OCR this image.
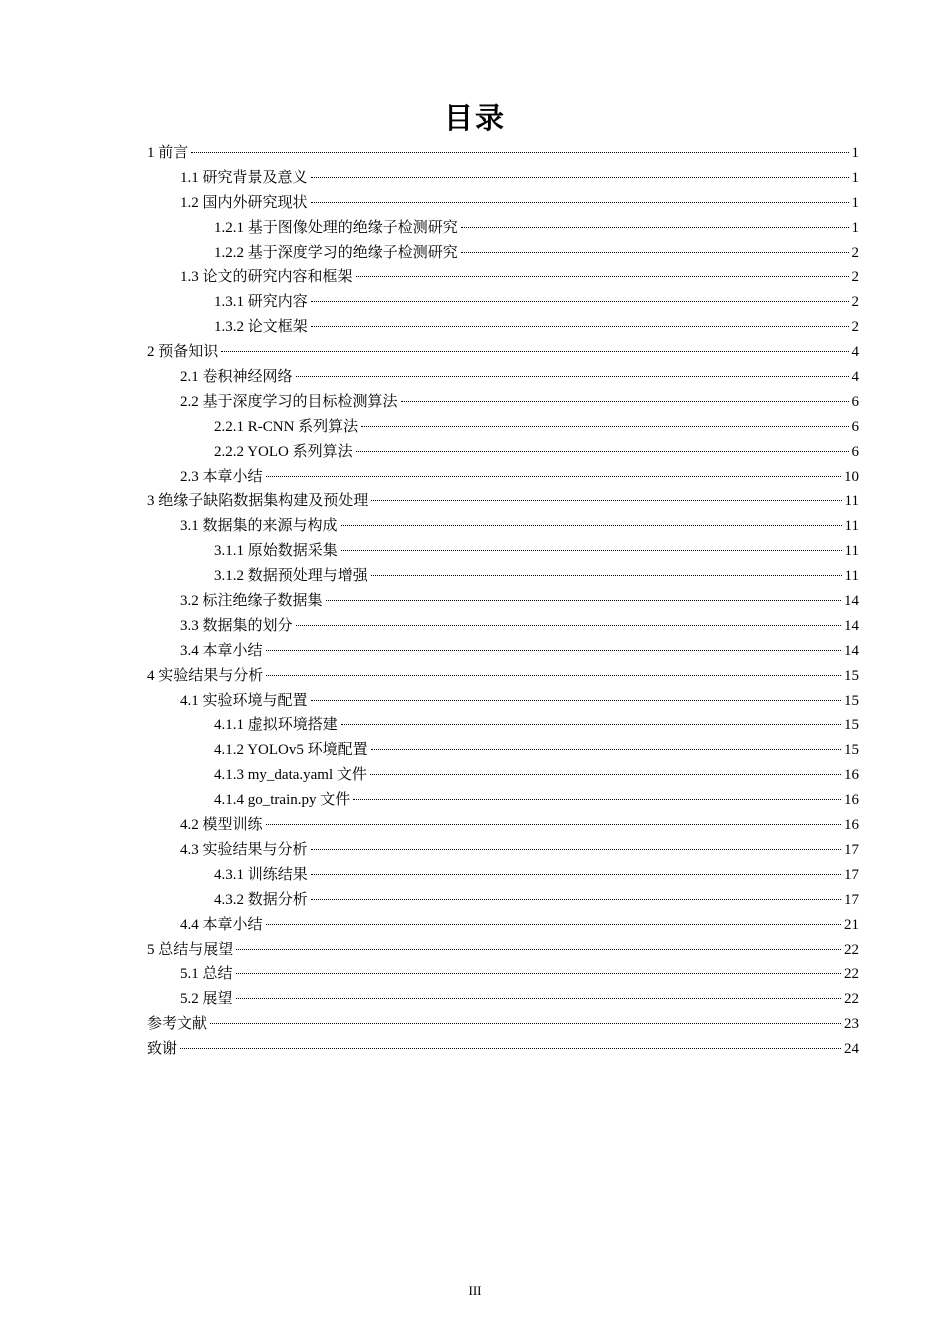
目录
1 前言	1
1.1 研究背景及意义	1
1.2 国内外研究现状	1
1.2.1 基于图像处理的绝缘子检测研究	1
1.2.2 基于深度学习的绝缘子检测研究	2
1.3 论文的研究内容和框架	2
1.3.1 研究内容	2
1.3.2 论文框架	2
2 预备知识	4
2.1 卷积神经网络	4
2.2 基于深度学习的目标检测算法	6
2.2.1 R-CNN 系列算法	6
2.2.2 YOLO 系列算法	6
2.3 本章小结	10
3 绝缘子缺陷数据集构建及预处理	11
3.1 数据集的来源与构成	11
3.1.1 原始数据采集	11
3.1.2 数据预处理与增强	11
3.2 标注绝缘子数据集	14
3.3 数据集的划分	14
3.4 本章小结	14
4 实验结果与分析	15
4.1 实验环境与配置	15
4.1.1 虚拟环境搭建	15
4.1.2 YOLOv5 环境配置	15
4.1.3 my_data.yaml 文件	16
4.1.4 go_train.py 文件	16
4.2 模型训练	16
4.3 实验结果与分析	17
4.3.1 训练结果	17
4.3.2 数据分析	17
4.4 本章小结	21
5 总结与展望	22
5.1 总结	22
5.2 展望	22
参考文献	23
致谢	24
III
